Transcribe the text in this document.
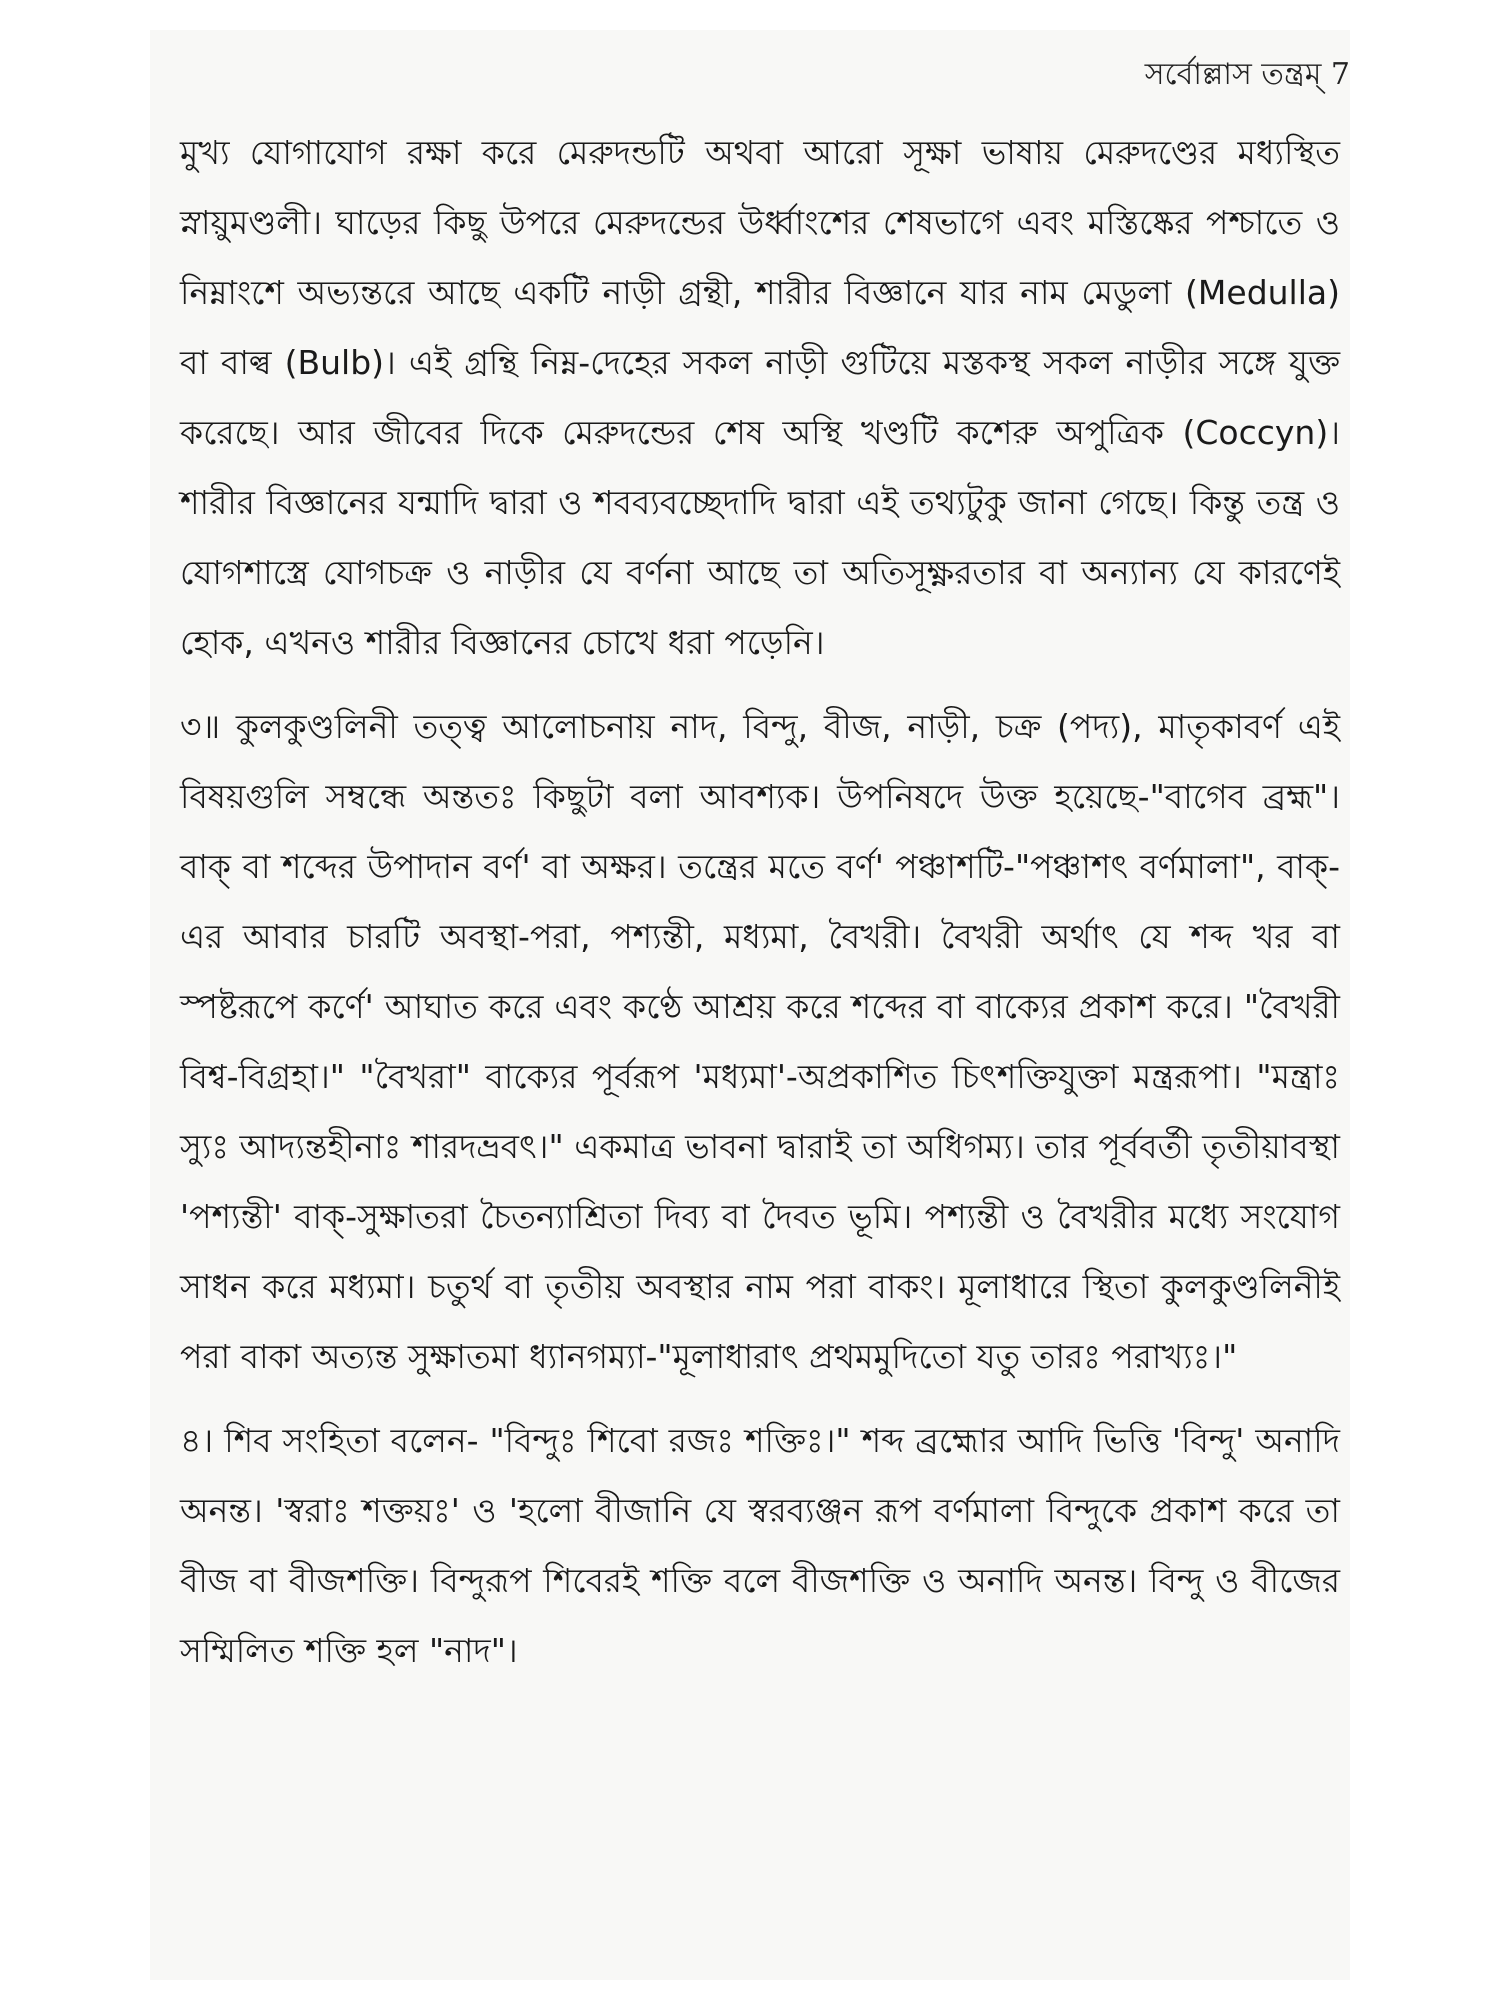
সর্বোল্লাস তন্ত্রম্ 7

মুখ্য যোগাযোগ রক্ষা করে মেরুদন্ডটি অথবা আরো সূক্ষা ভাষায় মেরুদণ্ডের মধ্যস্থিত স্নায়ুমণ্ডলী। ঘাড়ের কিছু উপরে মেরুদন্ডের উর্ধ্বাংশের শেষভাগে এবং মস্তিষ্কের পশ্চাতে ও নিম্নাংশে অভ্যন্তরে আছে একটি নাড়ী গ্রন্থী, শারীর বিজ্ঞানে যার নাম মেডুলা (Medulla) বা বাল্ব (Bulb)। এই গ্রন্থি নিম্ন-দেহের সকল নাড়ী গুটিয়ে মস্তকস্থ সকল নাড়ীর সঙ্গে যুক্ত করেছে। আর জীবের দিকে মেরুদন্ডের শেষ অস্থি খণ্ডটি কশেরু অপুত্রিক (Coccyn)। শারীর বিজ্ঞানের যন্মাদি দ্বারা ও শবব্যবচ্ছেদাদি দ্বারা এই তথ্যটুকু জানা গেছে। কিন্তু তন্ত্র ও যোগশাস্ত্রে যোগচক্র ও নাড়ীর যে বর্ণনা আছে তা অতিসূক্ষ্ণরতার বা অন্যান্য যে কারণেই হোক, এখনও শারীর বিজ্ঞানের চোখে ধরা পড়েনি।

৩॥ কুলকুণ্ডলিনী তত্ত্ব আলোচনায় নাদ, বিন্দু, বীজ, নাড়ী, চক্র (পদ্য), মাতৃকাবর্ণ এই বিষয়গুলি সম্বন্ধে অন্ততঃ কিছুটা বলা আবশ্যক। উপনিষদে উক্ত হয়েছে-"বাগেব ব্রহ্ম"। বাক্ বা শব্দের উপাদান বর্ণ' বা অক্ষর। তন্ত্রের মতে বর্ণ' পঞ্চাশটি-"পঞ্চাশৎ বর্ণমালা", বাক্-এর আবার চারটি অবস্থা-পরা, পশ্যন্তী, মধ্যমা, বৈখরী। বৈখরী অর্থাৎ যে শব্দ খর বা স্পষ্টরূপে কর্ণে' আঘাত করে এবং কণ্ঠে আশ্রয় করে শব্দের বা বাক্যের প্রকাশ করে। "বৈখরী বিশ্ব-বিগ্রহা।" "বৈখরা" বাক্যের পূর্বরূপ 'মধ্যমা'-অপ্রকাশিত চিৎশক্তিযুক্তা মন্ত্ররূপা। "মন্ত্রাঃ স্যুঃ আদ্যন্তহীনাঃ শারদভ্রবৎ।" একমাত্র ভাবনা দ্বারাই তা অধিগম্য। তার পূর্ববর্তী তৃতীয়াবস্থা 'পশ্যন্তী' বাক্-সুক্ষাতরা চৈতন্যাশ্রিতা দিব্য বা দৈবত ভূমি। পশ্যন্তী ও বৈখরীর মধ্যে সংযোগ সাধন করে মধ্যমা। চতুর্থ বা তৃতীয় অবস্থার নাম পরা বাকং। মূলাধারে স্থিতা কুলকুণ্ডলিনীই পরা বাকা অত্যন্ত সুক্ষাতমা ধ্যানগম্যা-"মূলাধারাৎ প্রথমমুদিতো যতু তারঃ পরাখ্যঃ।"

৪। শিব সংহিতা বলেন- "বিন্দুঃ শিবো রজঃ শক্তিঃ।" শব্দ ব্রহ্মোর আদি ভিত্তি 'বিন্দু' অনাদি অনন্ত। 'স্বরাঃ শক্তয়ঃ' ও 'হলো বীজানি যে স্বরব্যঞ্জন রূপ বর্ণমালা বিন্দুকে প্রকাশ করে তা বীজ বা বীজশক্তি। বিন্দুরূপ শিবেরই শক্তি বলে বীজশক্তি ও অনাদি অনন্ত। বিন্দু ও বীজের সম্মিলিত শক্তি হল "নাদ"।
